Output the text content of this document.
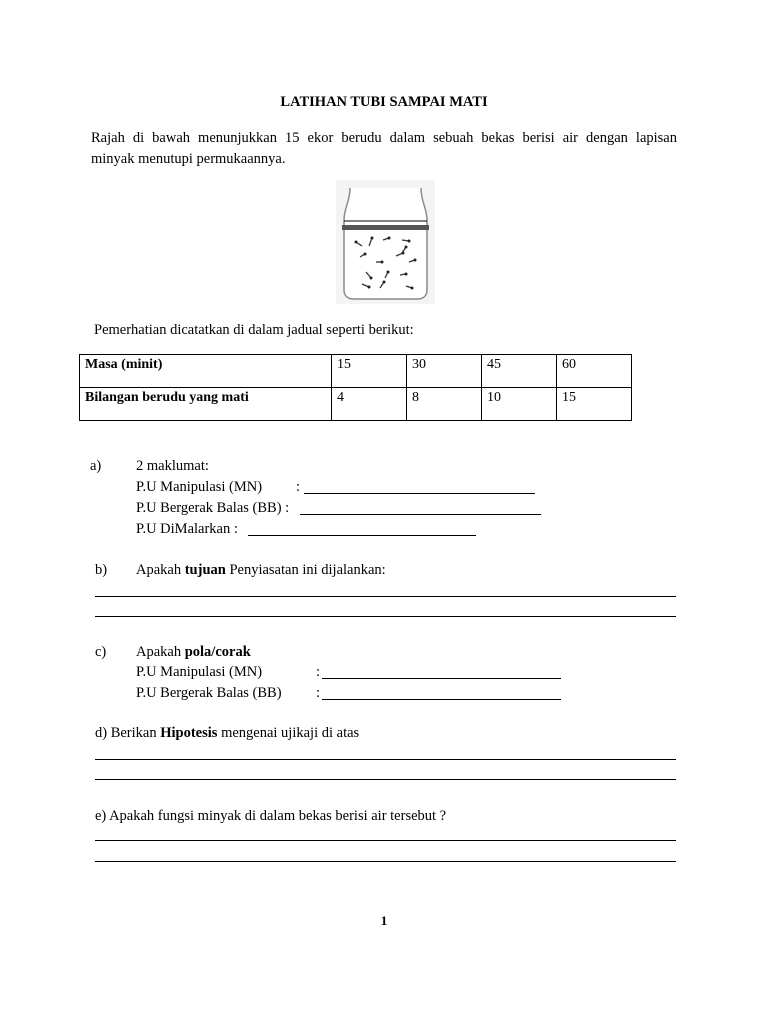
LATIHAN TUBI SAMPAI MATI

Rajah di bawah menunjukkan 15 ekor berudu dalam sebuah bekas berisi air dengan lapisan

minyak menutupi permukaannya.

Pemerhatian dicatatkan di dalam jadual seperti berikut:
Masa (minit)	15	30	45	60
Bilangan berudu yang mati	4	8	10	15
a) 2 maklumat:
P.U Manipulasi (MN) :
P.U Bergerak Balas (BB) :
P.U DiMalarkan :
b) Apakah tujuan Penyiasatan ini dijalankan:
c) Apakah pola/corak
P.U Manipulasi (MN)	:
P.U Bergerak Balas (BB) :
d) Berikan Hipotesis mengenai ujikaji di atas
e) Apakah fungsi minyak di dalam bekas berisi air tersebut ?
1
